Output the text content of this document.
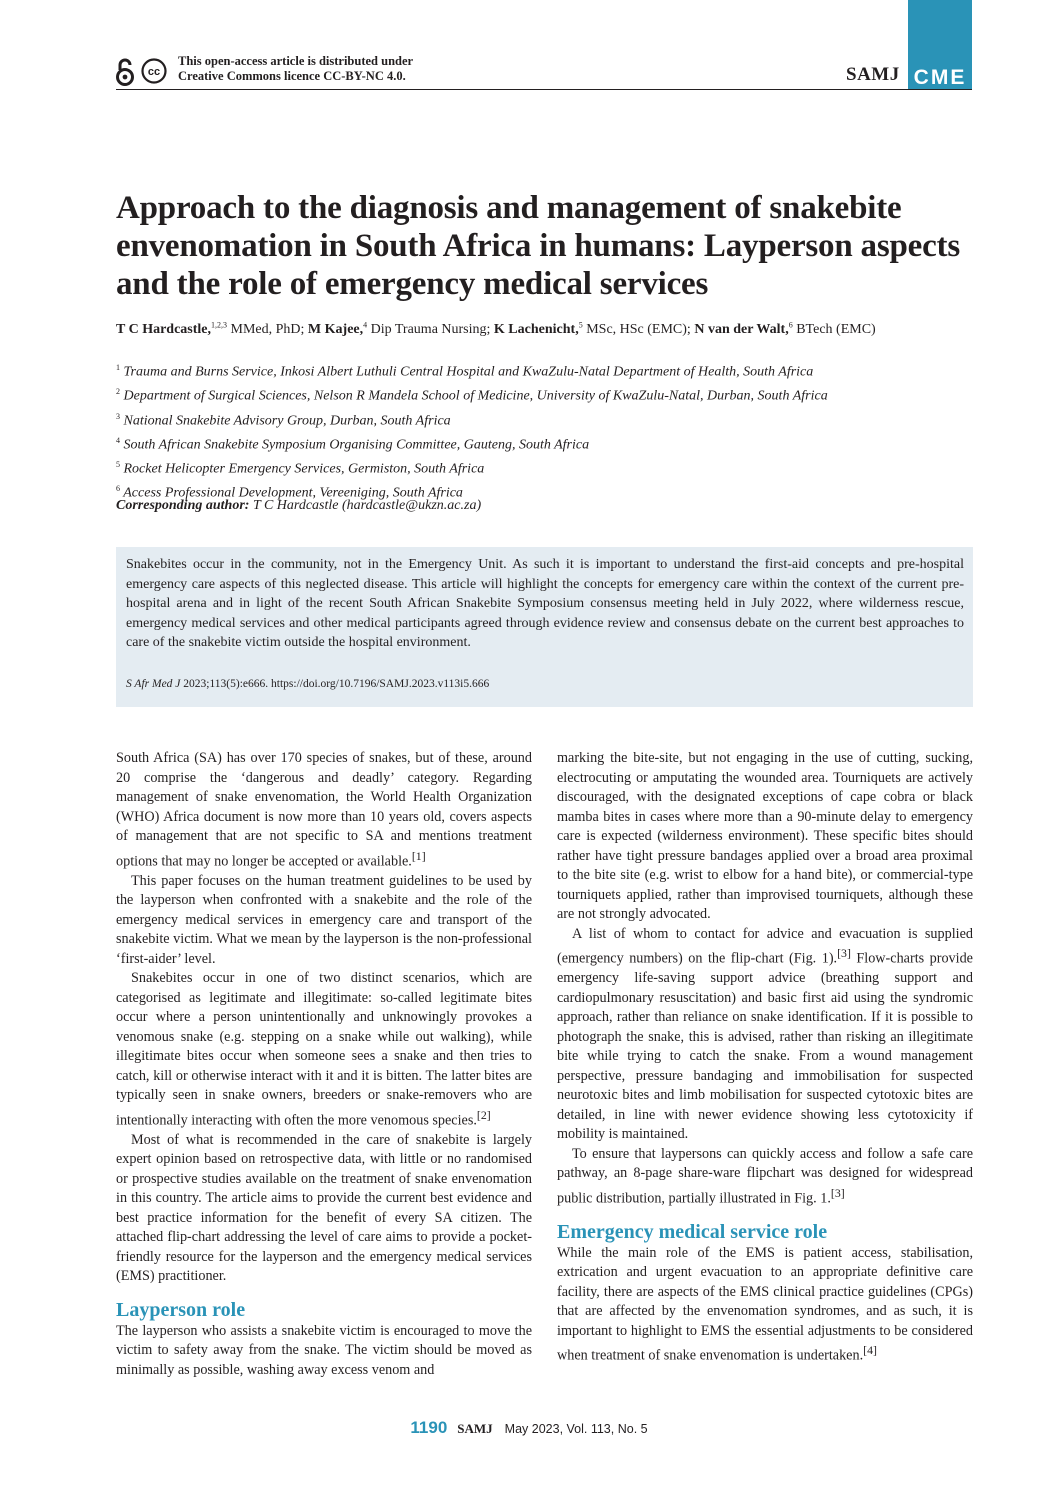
cc
This open-access article is distributed under
Creative Commons licence CC-BY-NC 4.0.	SAMJ CME
Approach to the diagnosis and management of snakebite envenomation in South Africa in humans: Layperson aspects and the role of emergency medical services
T C Hardcastle,$^{1,2,3}$ MMed, PhD; M Kajee,$^4$ Dip Trauma Nursing; K Lachenicht,$^5$ MSc, HSc (EMC); N van der Walt,$^6$ BTech (EMC)
$^1$ Trauma and Burns Service, Inkosi Albert Luthuli Central Hospital and KwaZulu-Natal Department of Health, South Africa
$^2$ Department of Surgical Sciences, Nelson R Mandela School of Medicine, University of KwaZulu-Natal, Durban, South Africa
$^3$ National Snakebite Advisory Group, Durban, South Africa
$^4$ South African Snakebite Symposium Organising Committee, Gauteng, South Africa
$^5$ Rocket Helicopter Emergency Services, Germiston, South Africa
$^6$ Access Professional Development, Vereeniging, South Africa
Corresponding author: T C Hardcastle (hardcastle@ukzn.ac.za)
Snakebites occur in the community, not in the Emergency Unit. As such it is important to understand the first-aid concepts and pre-hospital emergency care aspects of this neglected disease. This article will highlight the concepts for emergency care within the context of the current pre-hospital arena and in light of the recent South African Snakebite Symposium consensus meeting held in July 2022, where wilderness rescue, emergency medical services and other medical participants agreed through evidence review and consensus debate on the current best approaches to care of the snakebite victim outside the hospital environment.
S Afr Med J 2023;113(5):e666. https://doi.org/10.7196/SAMJ.2023.v113i5.666

South Africa (SA) has over 170 species of snakes, but of these, around 20 comprise the ‘dangerous and deadly’ category. Regarding management of snake envenomation, the World Health Organization (WHO) Africa document is now more than 10 years old, covers aspects of management that are not specific to SA and mentions treatment options that may no longer be accepted or available.[1]

This paper focuses on the human treatment guidelines to be used by the layperson when confronted with a snakebite and the role of the emergency medical services in emergency care and transport of the snakebite victim. What we mean by the layperson is the non-professional ‘first-aider’ level.

Snakebites occur in one of two distinct scenarios, which are categorised as legitimate and illegitimate: so-called legitimate bites occur where a person unintentionally and unknowingly provokes a venomous snake (e.g. stepping on a snake while out walking), while illegitimate bites occur when someone sees a snake and then tries to catch, kill or otherwise interact with it and it is bitten. The latter bites are typically seen in snake owners, breeders or snake-removers who are intentionally interacting with often the more venomous species.[2]

Most of what is recommended in the care of snakebite is largely expert opinion based on retrospective data, with little or no randomised or prospective studies available on the treatment of snake envenomation in this country. The article aims to provide the current best evidence and best practice information for the benefit of every SA citizen. The attached flip-chart addressing the level of care aims to provide a pocket-friendly resource for the layperson and the emergency medical services (EMS) practitioner.

Layperson role

The layperson who assists a snakebite victim is encouraged to move the victim to safety away from the snake. The victim should be moved as minimally as possible, washing away excess venom and

marking the bite-site, but not engaging in the use of cutting, sucking, electrocuting or amputating the wounded area. Tourniquets are actively discouraged, with the designated exceptions of cape cobra or black mamba bites in cases where more than a 90-minute delay to emergency care is expected (wilderness environment). These specific bites should rather have tight pressure bandages applied over a broad area proximal to the bite site (e.g. wrist to elbow for a hand bite), or commercial-type tourniquets applied, rather than improvised tourniquets, although these are not strongly advocated.

A list of whom to contact for advice and evacuation is supplied (emergency numbers) on the flip-chart (Fig. 1).[3] Flow-charts provide emergency life-saving support advice (breathing support and cardiopulmonary resuscitation) and basic first aid using the syndromic approach, rather than reliance on snake identification. If it is possible to photograph the snake, this is advised, rather than risking an illegitimate bite while trying to catch the snake. From a wound management perspective, pressure bandaging and immobilisation for suspected neurotoxic bites and limb mobilisation for suspected cytotoxic bites are detailed, in line with newer evidence showing less cytotoxicity if mobility is maintained.

To ensure that laypersons can quickly access and follow a safe care pathway, an 8-page share-ware flipchart was designed for widespread public distribution, partially illustrated in Fig. 1.[3]

Emergency medical service role

While the main role of the EMS is patient access, stabilisation, extrication and urgent evacuation to an appropriate definitive care facility, there are aspects of the EMS clinical practice guidelines (CPGs) that are affected by the envenomation syndromes, and as such, it is important to highlight to EMS the essential adjustments to be considered when treatment of snake envenomation is undertaken.[4]

1190 SAMJ May 2023, Vol. 113, No. 5
